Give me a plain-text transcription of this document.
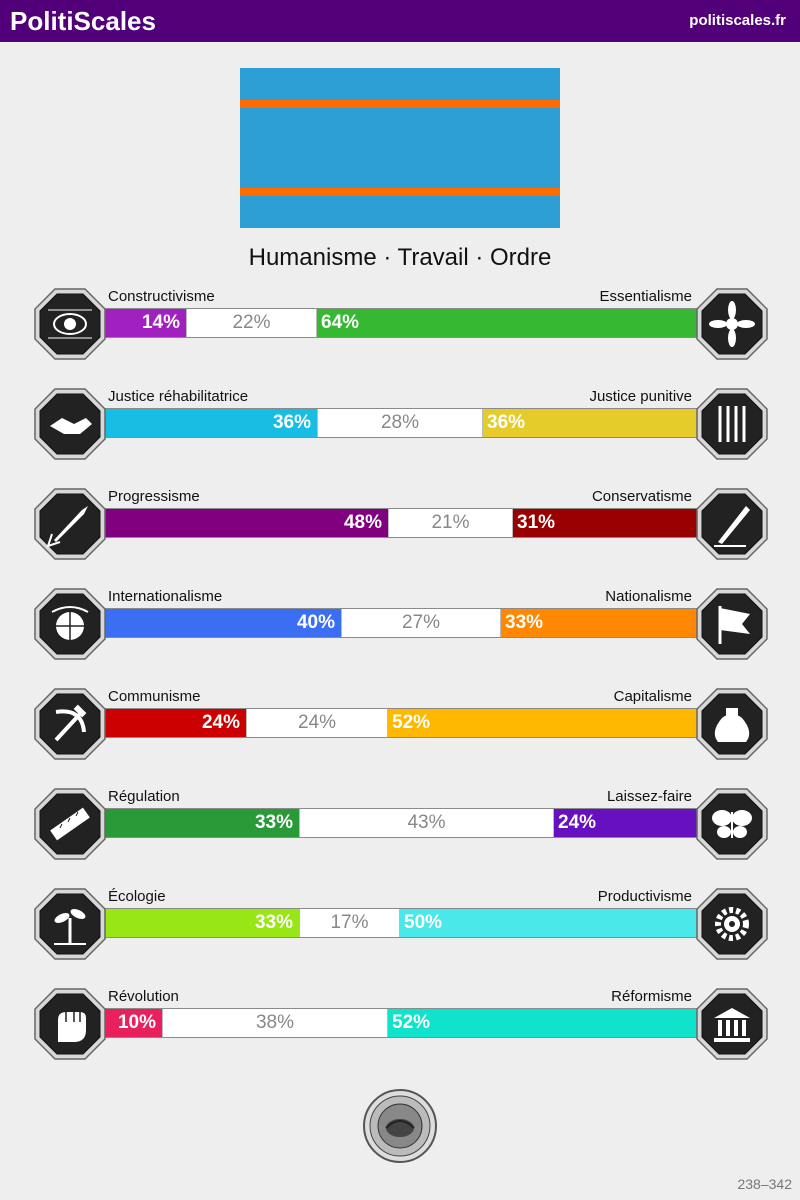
PolitiScales	politiscales.fr
Humanisme · Travail · Ordre
Constructivisme	Essentialisme
14%	22%	64%
Justice réhabilitatrice	Justice punitive
36%	28%	36%
Progressisme	Conservatisme
48%	21%	31%
Internationalisme	Nationalisme
40%	27%	33%
Communisme	Capitalisme
24%	24%	52%
Régulation	Laissez-faire
33%	43%	24%
Écologie	Productivisme
33%	17%	50%
Révolution	Réformisme
10%	38%	52%
238–342
